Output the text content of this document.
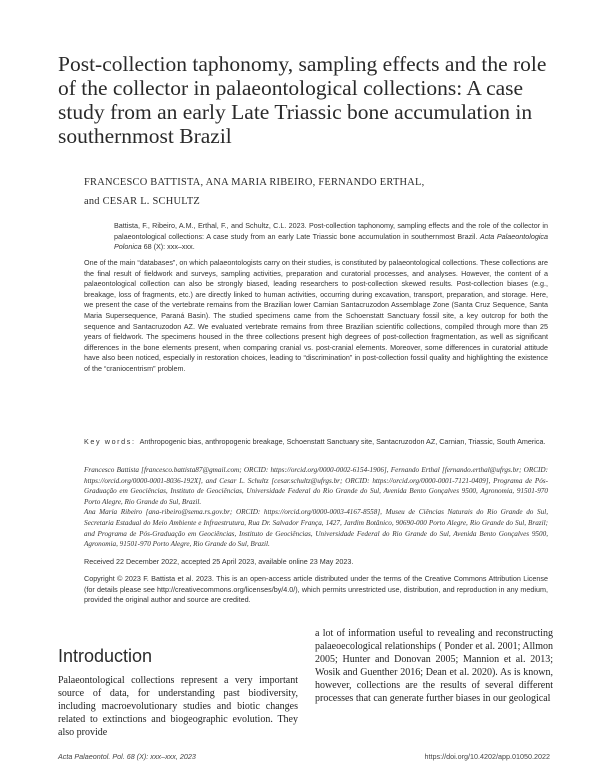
Post-collection taphonomy, sampling effects and the role of the collector in palaeontological collections: A case study from an early Late Triassic bone accumulation in southernmost Brazil
FRANCESCO BATTISTA, ANA MARIA RIBEIRO, FERNANDO ERTHAL,
and CESAR L. SCHULTZ
Battista, F., Ribeiro, A.M., Erthal, F., and Schultz, C.L. 2023. Post-collection taphonomy, sampling effects and the role of the collector in palaeontological collections: A case study from an early Late Triassic bone accumulation in southernmost Brazil. Acta Palaeontologica Polonica 68 (X): xxx–xxx.

One of the main “databases”, on which palaeontologists carry on their studies, is constituted by palaeontological collections. These collections are the final result of fieldwork and surveys, sampling activities, preparation and curatorial processes, and analyses. However, the content of a palaeontological collection can also be strongly biased, leading researchers to post-collection skewed results. Post-collection biases (e.g., breakage, loss of fragments, etc.) are directly linked to human activities, occurring during excavation, transport, preparation, and storage. Here, we present the case of the vertebrate remains from the Brazilian lower Carnian Santacruzodon Assemblage Zone (Santa Cruz Sequence, Santa Maria Supersequence, Paraná Basin). The studied specimens came from the Schoenstatt Sanctuary fossil site, a key outcrop for both the sequence and Santacruzodon AZ. We evaluated vertebrate remains from three Brazilian scientific collections, compiled through more than 25 years of fieldwork. The specimens housed in the three collections present high degrees of post-collection fragmentation, as well as significant differences in the bone elements present, when comparing cranial vs. post-cranial elements. Moreover, some differences in curatorial attitude have also been noticed, especially in restoration choices, leading to “discrimination” in post-collection fossil quality and highlighting the existence of the “craniocentrism” problem.

Key words: Anthropogenic bias, anthropogenic breakage, Schoenstatt Sanctuary site, Santacruzodon AZ, Carnian, Triassic, South America.

Francesco Battista [francesco.battista87@gmail.com; ORCID: https://orcid.org/0000-0002-6154-1906], Fernando Erthal [fernando.erthal@ufrgs.br; ORCID: https://orcid.org/0000-0001-8036-192X], and Cesar L. Schultz [cesar.schultz@ufrgs.br; ORCID: https://orcid.org/0000-0001-7121-0409], Programa de Pós-Graduação em Geociências, Instituto de Geociências, Universidade Federal do Rio Grande do Sul, Avenida Bento Gonçalves 9500, Agronomia, 91501-970 Porto Alegre, Rio Grande do Sul, Brazil.

Ana Maria Ribeiro [ana-ribeiro@sema.rs.gov.br; ORCID: https://orcid.org/0000-0003-4167-8558], Museu de Ciências Naturais do Rio Grande do Sul, Secretaria Estadual do Meio Ambiente e Infraestrutura, Rua Dr. Salvador França, 1427, Jardim Botânico, 90690-000 Porto Alegre, Rio Grande do Sul, Brazil; and Programa de Pós-Graduação em Geociências, Instituto de Geociências, Universidade Federal do Rio Grande do Sul, Avenida Bento Gonçalves 9500, Agronomia, 91501-970 Porto Alegre, Rio Grande do Sul, Brazil.

Received 22 December 2022, accepted 25 April 2023, available online 23 May 2023.
Copyright © 2023 F. Battista et al. 2023. This is an open-access article distributed under the terms of the Creative Commons Attribution License (for details please see http://creativecommons.org/licenses/by/4.0/), which permits unrestricted use, distribution, and reproduction in any medium, provided the original author and source are credited.
Introduction

Palaeontological collections represent a very important source of data, for understanding past biodiversity, including macroevolutionary studies and biotic changes related to extinctions and biogeographic evolution. They also provide

a lot of information useful to revealing and reconstructing palaeoecological relationships ( Ponder et al. 2001; Allmon 2005; Hunter and Donovan 2005; Mannion et al. 2013; Wosik and Guenther 2016; Dean et al. 2020). As is known, however, collections are the results of several different processes that can generate further biases in our geological

Acta Palaeontol. Pol. 68 (X): xxx–xxx, 2023	https://doi.org/10.4202/app.01050.2022
